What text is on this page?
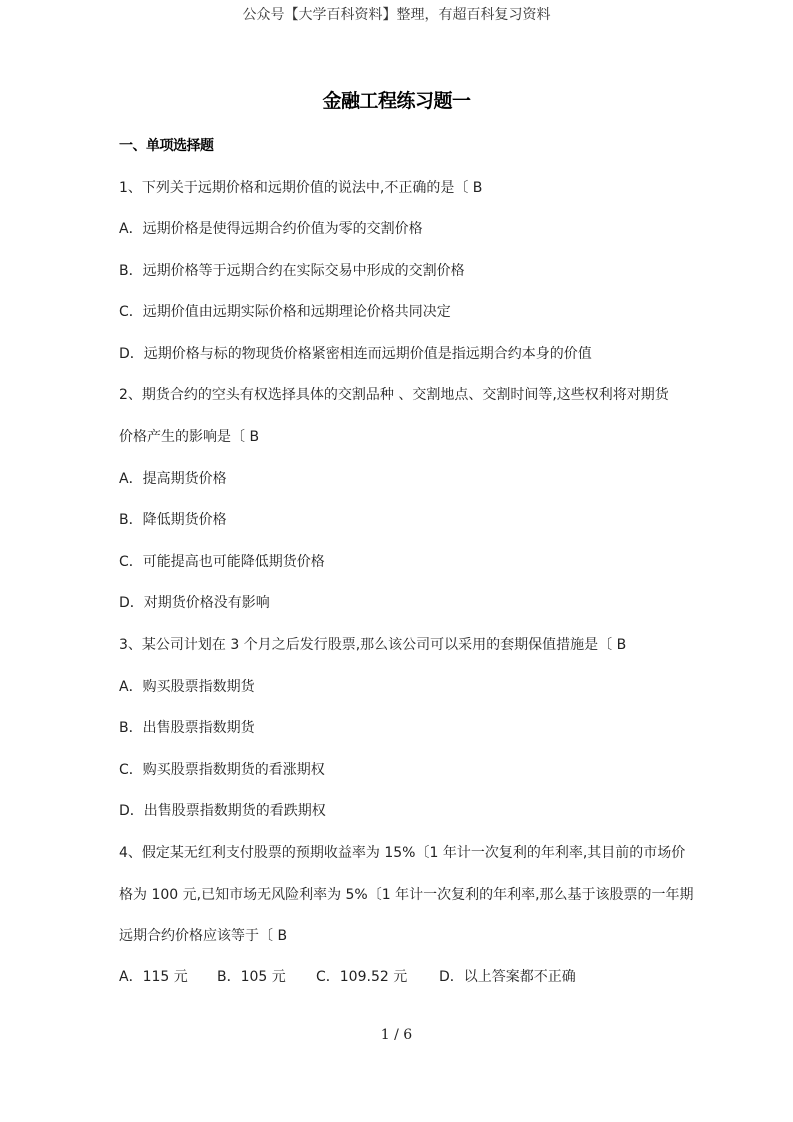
公众号【大学百科资料】整理，有超百科复习资料
金融工程练习题一
一、单项选择题
1、下列关于远期价格和远期价值的说法中,不正确的是〔 B
A．远期价格是使得远期合约价值为零的交割价格
B．远期价格等于远期合约在实际交易中形成的交割价格
C．远期价值由远期实际价格和远期理论价格共同决定
D．远期价格与标的物现货价格紧密相连而远期价值是指远期合约本身的价值
2、期货合约的空头有权选择具体的交割品种 、交割地点、交割时间等,这些权利将对期货
价格产生的影响是〔 B
A．提高期货价格
B．降低期货价格
C．可能提高也可能降低期货价格
D．对期货价格没有影响
3、某公司计划在 3 个月之后发行股票,那么该公司可以采用的套期保值措施是〔 B
A．购买股票指数期货
B．出售股票指数期货
C．购买股票指数期货的看涨期权
D．出售股票指数期货的看跌期权
4、假定某无红利支付股票的预期收益率为 15%〔1 年计一次复利的年利率,其目前的市场价
格为 100 元,已知市场无风险利率为 5%〔1 年计一次复利的年利率,那么基于该股票的一年期
远期合约价格应该等于〔 B
A．115 元 B．105 元 C．109.52 元 D．以上答案都不正确
1 / 6
